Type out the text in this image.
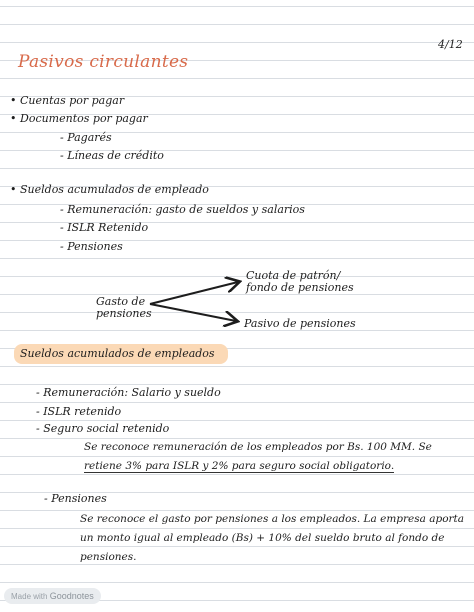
4/12
Pasivos circulantes
• Cuentas por pagar
• Documentos por pagar
- Pagarés
- Líneas de crédito
• Sueldos acumulados de empleado
- Remuneración: gasto de sueldos y salarios
- ISLR Retenido
- Pensiones
Gasto de
pensiones
Cuota de patrón/
fondo de pensiones
Pasivo de pensiones
Sueldos acumulados de empleados
- Remuneración: Salario y sueldo
- ISLR retenido
- Seguro social retenido
Se reconoce remuneración de los empleados por Bs. 100 MM. Se
retiene 3% para ISLR y 2% para seguro social obligatorio.
- Pensiones
Se reconoce el gasto por pensiones a los empleados. La empresa aporta
un monto igual al empleado (Bs) + 10% del sueldo bruto al fondo de
pensiones.
Made with Goodnotes
